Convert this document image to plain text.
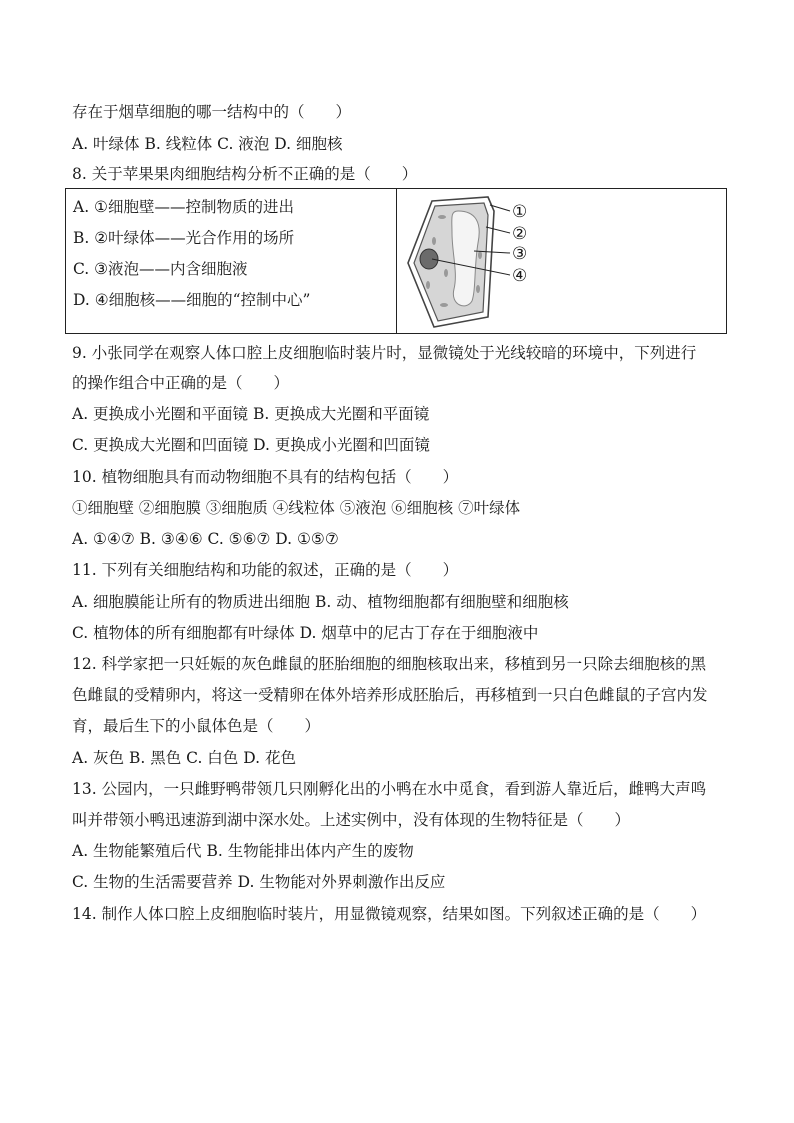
存在于烟草细胞的哪一结构中的（　　）
A. 叶绿体 B. 线粒体 C. 液泡 D. 细胞核
8. 关于苹果果肉细胞结构分析不正确的是（　　）
A. ①细胞壁——控制物质的进出
B. ②叶绿体——光合作用的场所
C. ③液泡——内含细胞液
D. ④细胞核——细胞的“控制中心”
①
②
③
④
9. 小张同学在观察人体口腔上皮细胞临时装片时，显微镜处于光线较暗的环境中，下列进行
的操作组合中正确的是（　　）
A. 更换成小光圈和平面镜 B. 更换成大光圈和平面镜
C. 更换成大光圈和凹面镜 D. 更换成小光圈和凹面镜
10. 植物细胞具有而动物细胞不具有的结构包括（　　）
①细胞壁 ②细胞膜 ③细胞质 ④线粒体 ⑤液泡 ⑥细胞核 ⑦叶绿体
A. ①④⑦ B. ③④⑥ C. ⑤⑥⑦ D. ①⑤⑦
11. 下列有关细胞结构和功能的叙述，正确的是（　　）
A. 细胞膜能让所有的物质进出细胞 B. 动、植物细胞都有细胞壁和细胞核
C. 植物体的所有细胞都有叶绿体 D. 烟草中的尼古丁存在于细胞液中
12. 科学家把一只妊娠的灰色雌鼠的胚胎细胞的细胞核取出来，移植到另一只除去细胞核的黑
色雌鼠的受精卵内，将这一受精卵在体外培养形成胚胎后，再移植到一只白色雌鼠的子宫内发
育，最后生下的小鼠体色是（　　）
A. 灰色 B. 黑色 C. 白色 D. 花色
13. 公园内，一只雌野鸭带领几只刚孵化出的小鸭在水中觅食，看到游人靠近后，雌鸭大声鸣
叫并带领小鸭迅速游到湖中深水处。上述实例中，没有体现的生物特征是（　　）
A. 生物能繁殖后代 B. 生物能排出体内产生的废物
C. 生物的生活需要营养 D. 生物能对外界刺激作出反应
14. 制作人体口腔上皮细胞临时装片，用显微镜观察，结果如图。下列叙述正确的是（　　）
